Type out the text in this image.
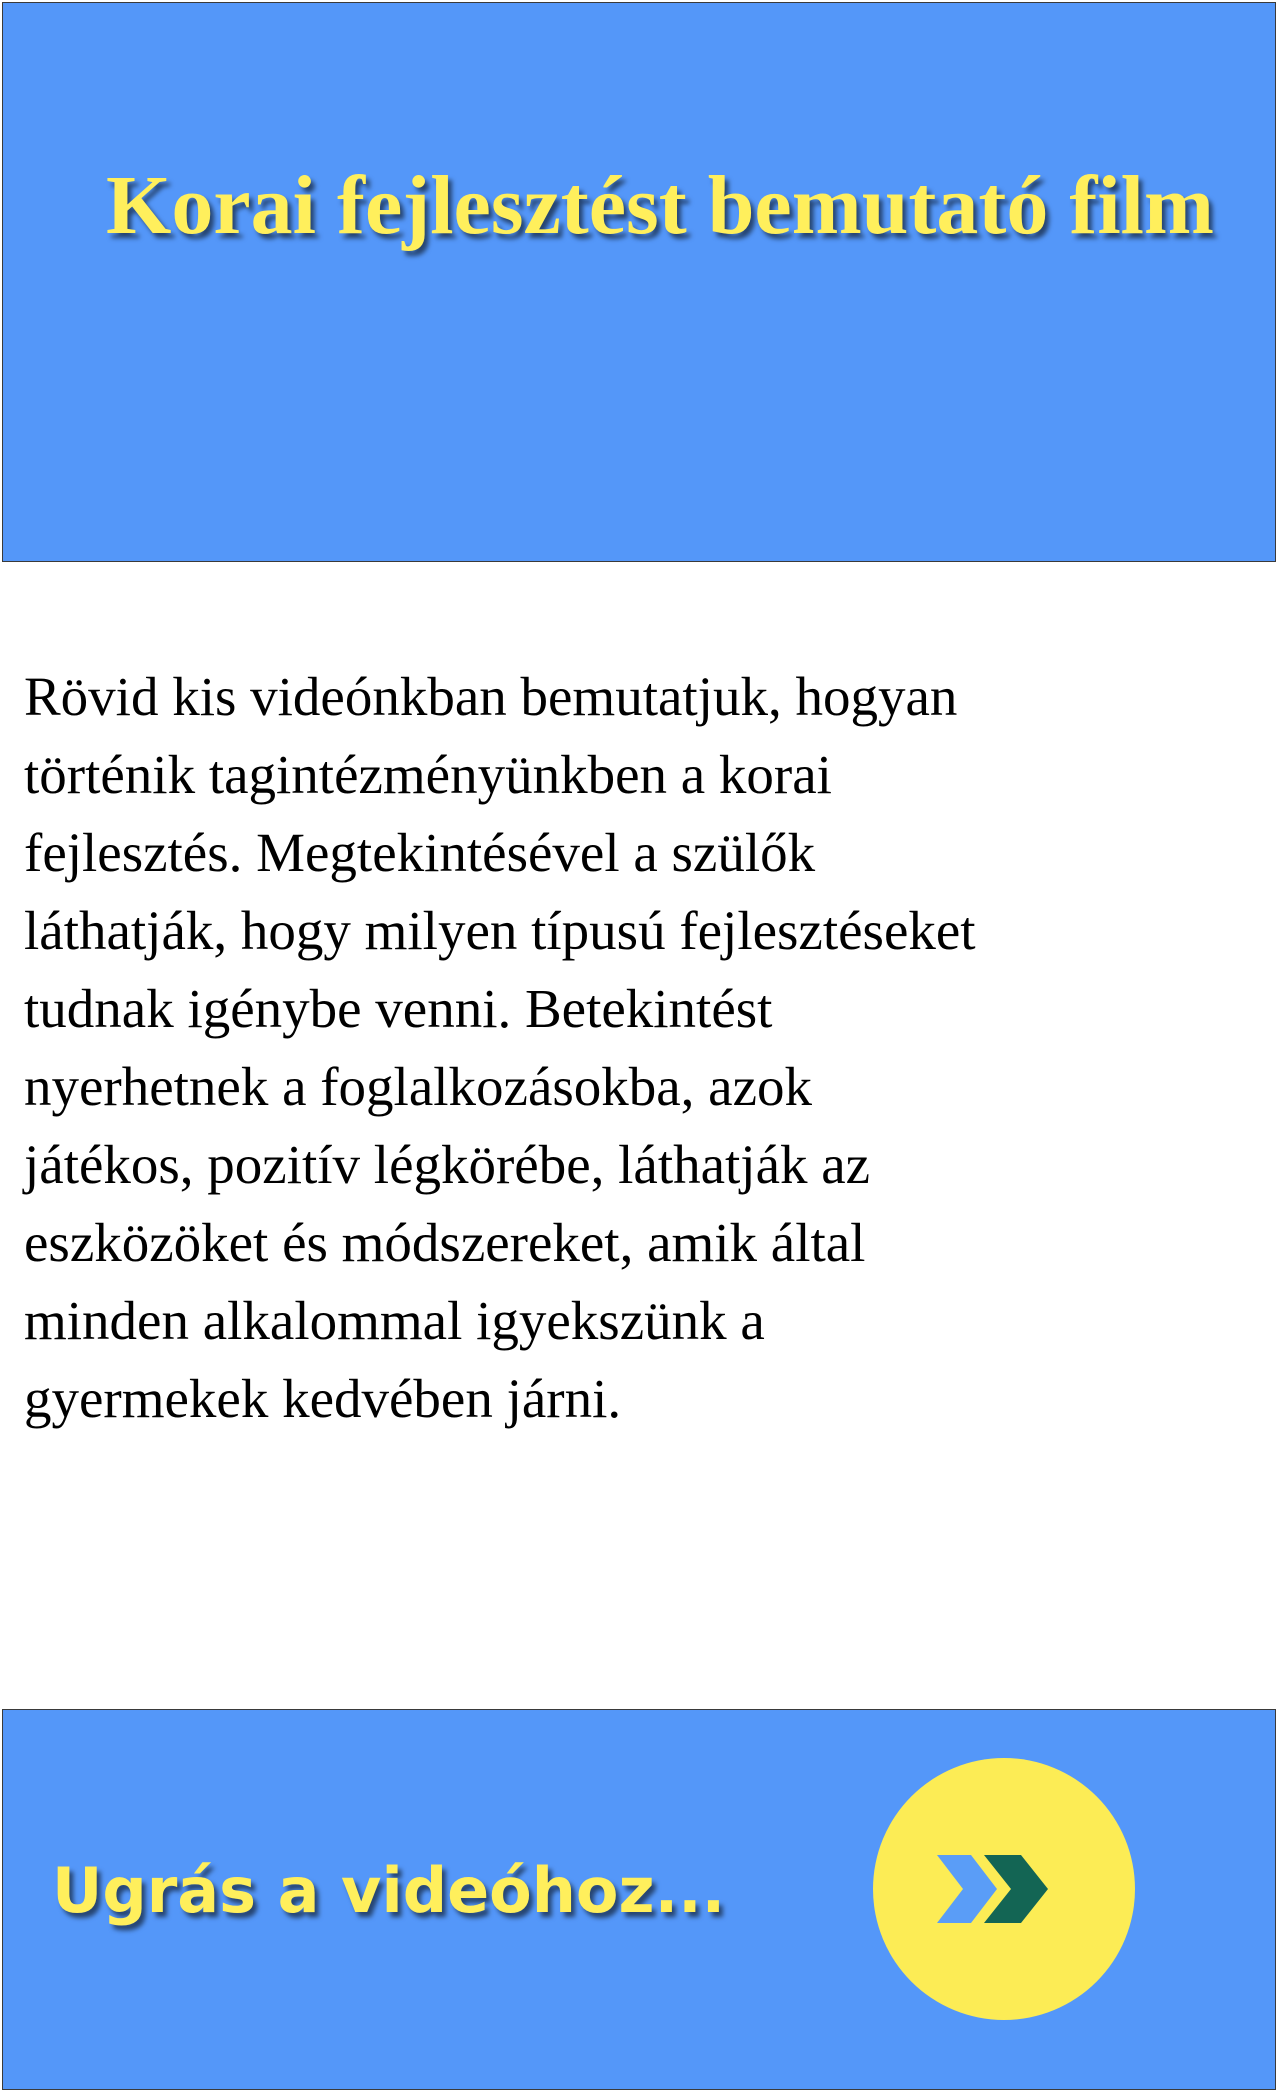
Korai fejlesztést bemutató film

Rövid kis videónkban bemutatjuk, hogyan
történik tagintézményünkben a korai
fejlesztés. Megtekintésével a szülők
láthatják, hogy milyen típusú fejlesztéseket
tudnak igénybe venni. Betekintést
nyerhetnek a foglalkozásokba, azok
játékos, pozitív légkörébe, láthatják az
eszközöket és módszereket, amik által
minden alkalommal igyekszünk a
gyermekek kedvében járni.

Ugrás a videóhoz...
